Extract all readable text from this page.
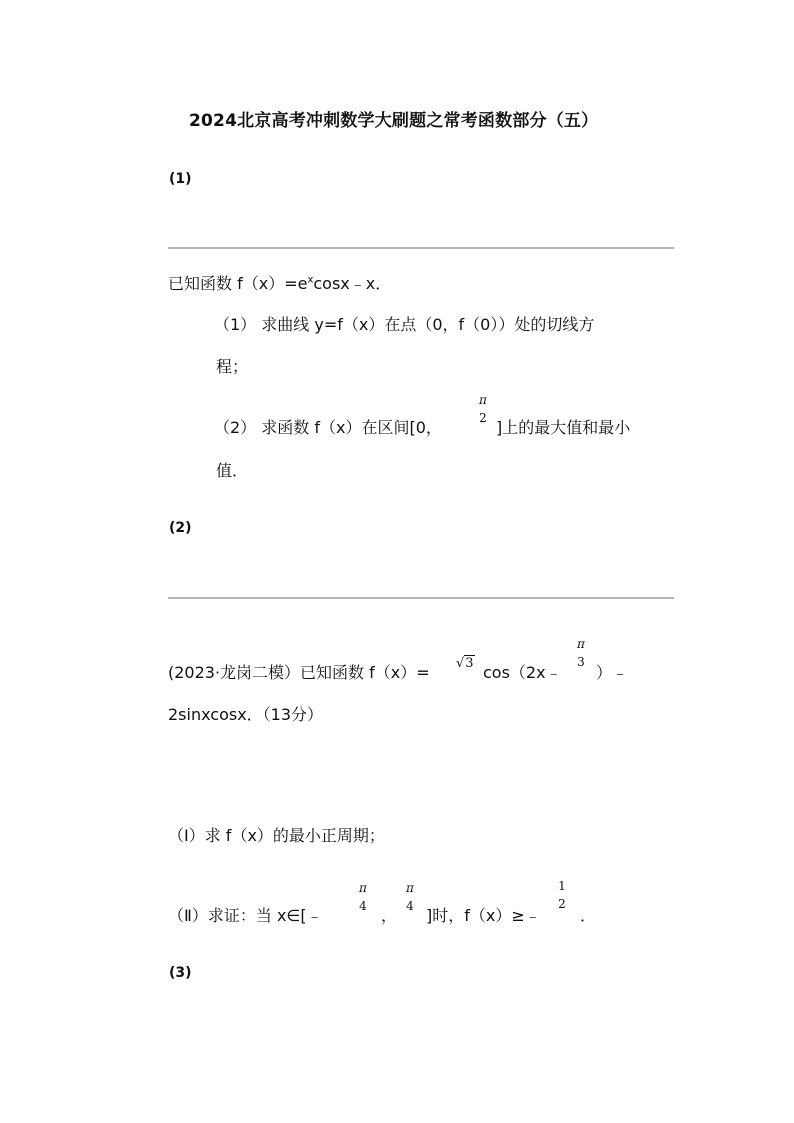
2024北京高考冲刺数学大刷题之常考函数部分（五）
(1)
已知函数 $f(x)=e^x\cos x﹣x$．
（1） 求曲线 y=f（x）在点（0，f（0））处的切线方
程；
（2） 求函数 f（x）在区间[0，
π
2 ]上的最大值和最小
值．
(2)
(2023·龙岗二模）已知函数 f（x）= √3 cos（2x﹣
π
3
）﹣
2sinxcosx．（13分）
（Ⅰ）求 f（x）的最小正周期；
（Ⅱ）求证：当 x∈[﹣
π
4 ，
π
4 ]时，f（x）≥﹣
1
2
．
(3)
